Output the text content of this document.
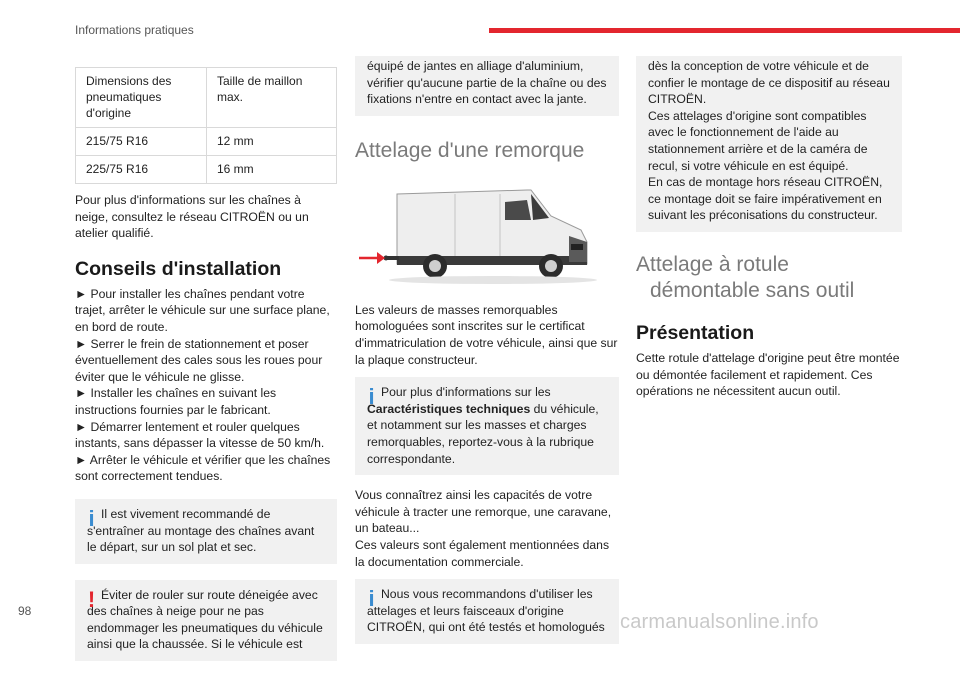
Informations pratiques
Dimensions des pneumatiques d'origine	Taille de maillon max.
215/75 R16	12 mm
225/75 R16	16 mm

Pour plus d'informations sur les chaînes à neige, consultez le réseau CITROËN ou un atelier qualifié.

Conseils d'installation

► Pour installer les chaînes pendant votre trajet, arrêter le véhicule sur une surface plane, en bord de route.

► Serrer le frein de stationnement et poser éventuellement des cales sous les roues pour éviter que le véhicule ne glisse.

► Installer les chaînes en suivant les instructions fournies par le fabricant.

► Démarrer lentement et rouler quelques instants, sans dépasser la vitesse de 50 km/h.

► Arrêter le véhicule et vérifier que les chaînes sont correctement tendues.

i Il est vivement recommandé de s'entraîner au montage des chaînes avant le départ, sur un sol plat et sec.
! Éviter de rouler sur route déneigée avec des chaînes à neige pour ne pas endommager les pneumatiques du véhicule ainsi que la chaussée. Si le véhicule est
équipé de jantes en alliage d'aluminium, vérifier qu'aucune partie de la chaîne ou des fixations n'entre en contact avec la jante.
Attelage d'une remorque

Les valeurs de masses remorquables homologuées sont inscrites sur le certificat d'immatriculation de votre véhicule, ainsi que sur la plaque constructeur.

i Pour plus d'informations sur les
Caractéristiques techniques du véhicule, et notamment sur les masses et charges remorquables, reportez-vous à la rubrique correspondante.

Vous connaîtrez ainsi les capacités de votre véhicule à tracter une remorque, une caravane, un bateau...

Ces valeurs sont également mentionnées dans la documentation commerciale.

i Nous vous recommandons d'utiliser les attelages et leurs faisceaux d'origine CITROËN, qui ont été testés et homologués
dès la conception de votre véhicule et de confier le montage de ce dispositif au réseau CITROËN.
Ces attelages d'origine sont compatibles avec le fonctionnement de l'aide au stationnement arrière et de la caméra de recul, si votre véhicule en est équipé.
En cas de montage hors réseau CITROËN, ce montage doit se faire impérativement en suivant les préconisations du constructeur.
Attelage à rotule
démontable sans outil
Présentation

Cette rotule d'attelage d'origine peut être montée ou démontée facilement et rapidement. Ces opérations ne nécessitent aucun outil.

98	carmanualsonline.info
